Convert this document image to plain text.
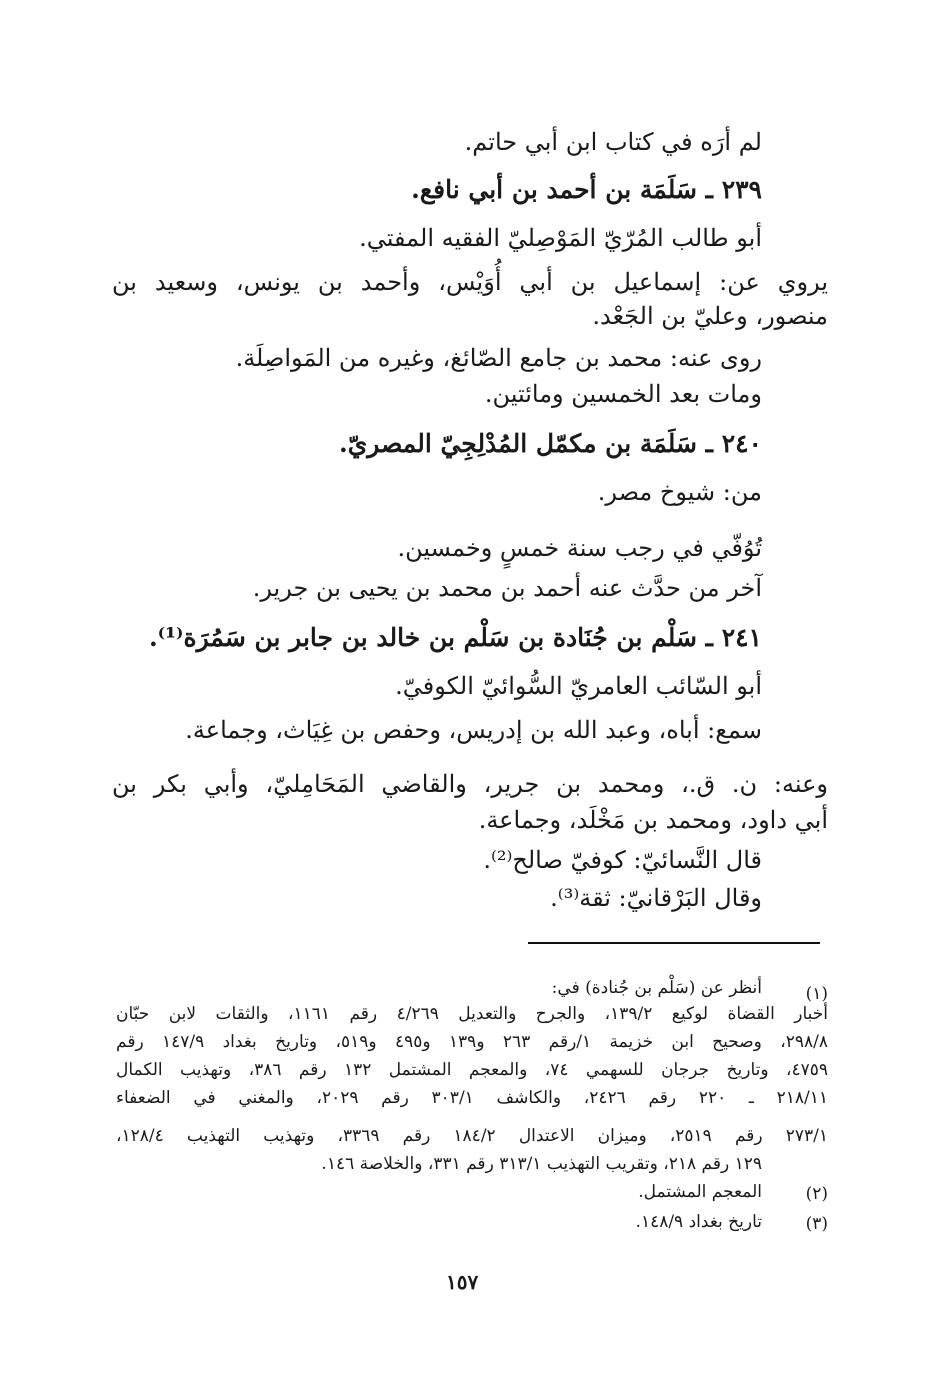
لم أرَه في كتاب ابن أبي حاتم.
٢٣٩ ـ سَلَمَة بن أحمد بن أبي نافع.
أبو طالب المُرّيّ المَوْصِليّ الفقيه المفتي.
يروي عن: إسماعيل بن أبي أُوَيْس، وأحمد بن يونس، وسعيد بن
منصور، وعليّ بن الجَعْد.
روى عنه: محمد بن جامع الصّائغ، وغيره من المَواصِلَة.
ومات بعد الخمسين ومائتين.
٢٤٠ ـ سَلَمَة بن مكمّل المُدْلِجِيّ المصريّ.
من: شيوخ مصر.
تُوُفّي في رجب سنة خمسٍ وخمسين.
آخر من حدَّث عنه أحمد بن محمد بن يحيى بن جرير.
٢٤١ ـ سَلْم بن جُنَادة بن سَلْم بن خالد بن جابر بن سَمُرَة⁽¹⁾.
أبو السّائب العامريّ السُّوائيّ الكوفيّ.
سمع: أباه، وعبد الله بن إدريس، وحفص بن غِيَاث، وجماعة.
وعنه: ن. ق.، ومحمد بن جرير، والقاضي المَحَامِليّ، وأبي بكر بن
أبي داود، ومحمد بن مَخْلَد، وجماعة.
قال النَّسائيّ: كوفيّ صالح⁽²⁾.
وقال البَرْقانيّ: ثقة⁽³⁾.
(١)
أنظر عن (سَلْم بن جُنادة) في:
أخبار القضاة لوكيع ١٣٩/٢، والجرح والتعديل ٤/٢٦٩ رقم ١١٦١، والثقات لابن حبّان
٢٩٨/٨، وصحيح ابن خزيمة ١/رقم ٢٦٣ و١٣٩ و٤٩٥ و٥١٩، وتاريخ بغداد ١٤٧/٩ رقم
٤٧٥٩، وتاريخ جرجان للسهمي ٧٤، والمعجم المشتمل ١٣٢ رقم ٣٨٦، وتهذيب الكمال
٢١٨/١١ ـ ٢٢٠ رقم ٢٤٢٦، والكاشف ٣٠٣/١ رقم ٢٠٢٩، والمغني في الضعفاء
٢٧٣/١ رقم ٢٥١٩، وميزان الاعتدال ١٨٤/٢ رقم ٣٣٦٩، وتهذيب التهذيب ١٢٨/٤،
١٢٩ رقم ٢١٨، وتقريب التهذيب ٣١٣/١ رقم ٣٣١، والخلاصة ١٤٦.
(٢)
المعجم المشتمل.
(٣)
تاريخ بغداد ١٤٨/٩.
١٥٧
